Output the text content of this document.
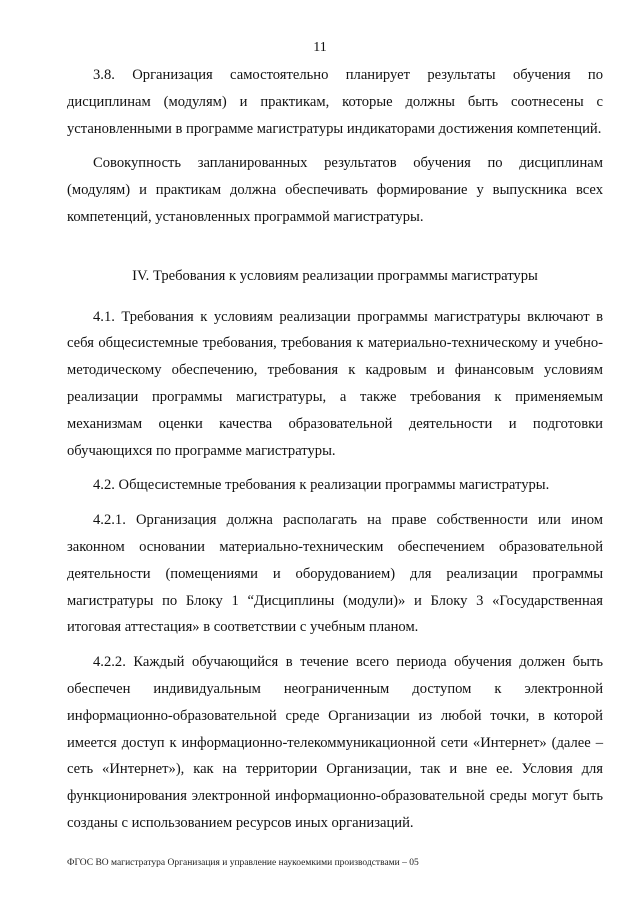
11

3.8. Организация самостоятельно планирует результаты обучения по дисциплинам (модулям) и практикам, которые должны быть соотнесены с установленными в программе магистратуры индикаторами достижения компетенций.

Совокупность запланированных результатов обучения по дисциплинам (модулям) и практикам должна обеспечивать формирование у выпускника всех компетенций, установленных программой магистратуры.

IV. Требования к условиям реализации программы магистратуры

4.1. Требования к условиям реализации программы магистратуры включают в себя общесистемные требования, требования к материально-техническому и учебно-методическому обеспечению, требования к кадровым и финансовым условиям реализации программы магистратуры, а также требования к применяемым механизмам оценки качества образовательной деятельности и подготовки обучающихся по программе магистратуры.

4.2. Общесистемные требования к реализации программы магистратуры.

4.2.1. Организация должна располагать на праве собственности или ином законном основании материально-техническим обеспечением образовательной деятельности (помещениями и оборудованием) для реализации программы магистратуры по Блоку 1 “Дисциплины (модули)» и Блоку 3 «Государственная итоговая аттестация» в соответствии с учебным планом.

4.2.2. Каждый обучающийся в течение всего периода обучения должен быть обеспечен индивидуальным неограниченным доступом к электронной информационно-образовательной среде Организации из любой точки, в которой имеется доступ к информационно-телекоммуникационной сети «Интернет» (далее – сеть «Интернет»), как на территории Организации, так и вне ее. Условия для функционирования электронной информационно-образовательной среды могут быть созданы с использованием ресурсов иных организаций.

ФГОС ВО магистратура Организация и управление наукоемкими производствами – 05
